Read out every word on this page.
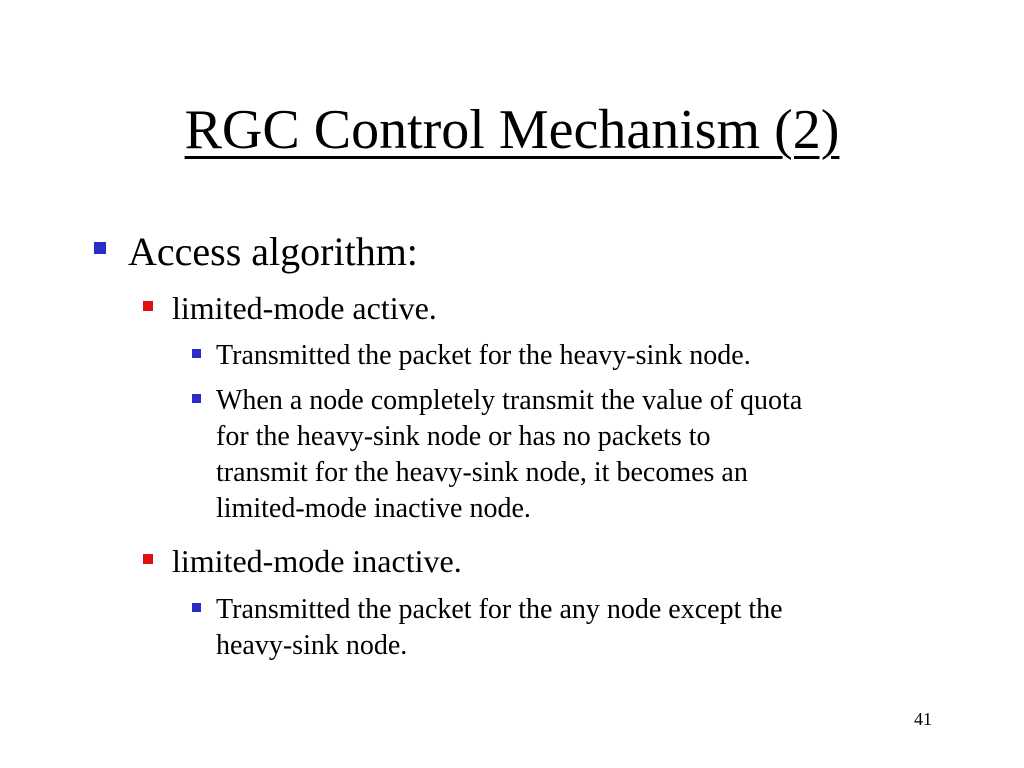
RGC Control Mechanism (2)
Access algorithm:
limited-mode active.
Transmitted the packet for the heavy-sink node.
When a node completely transmit the value of quota
for the heavy-sink node or has no packets to
transmit for the heavy-sink node, it becomes an
limited-mode inactive node.
limited-mode inactive.
Transmitted the packet for the any node except the
heavy-sink node.
41
